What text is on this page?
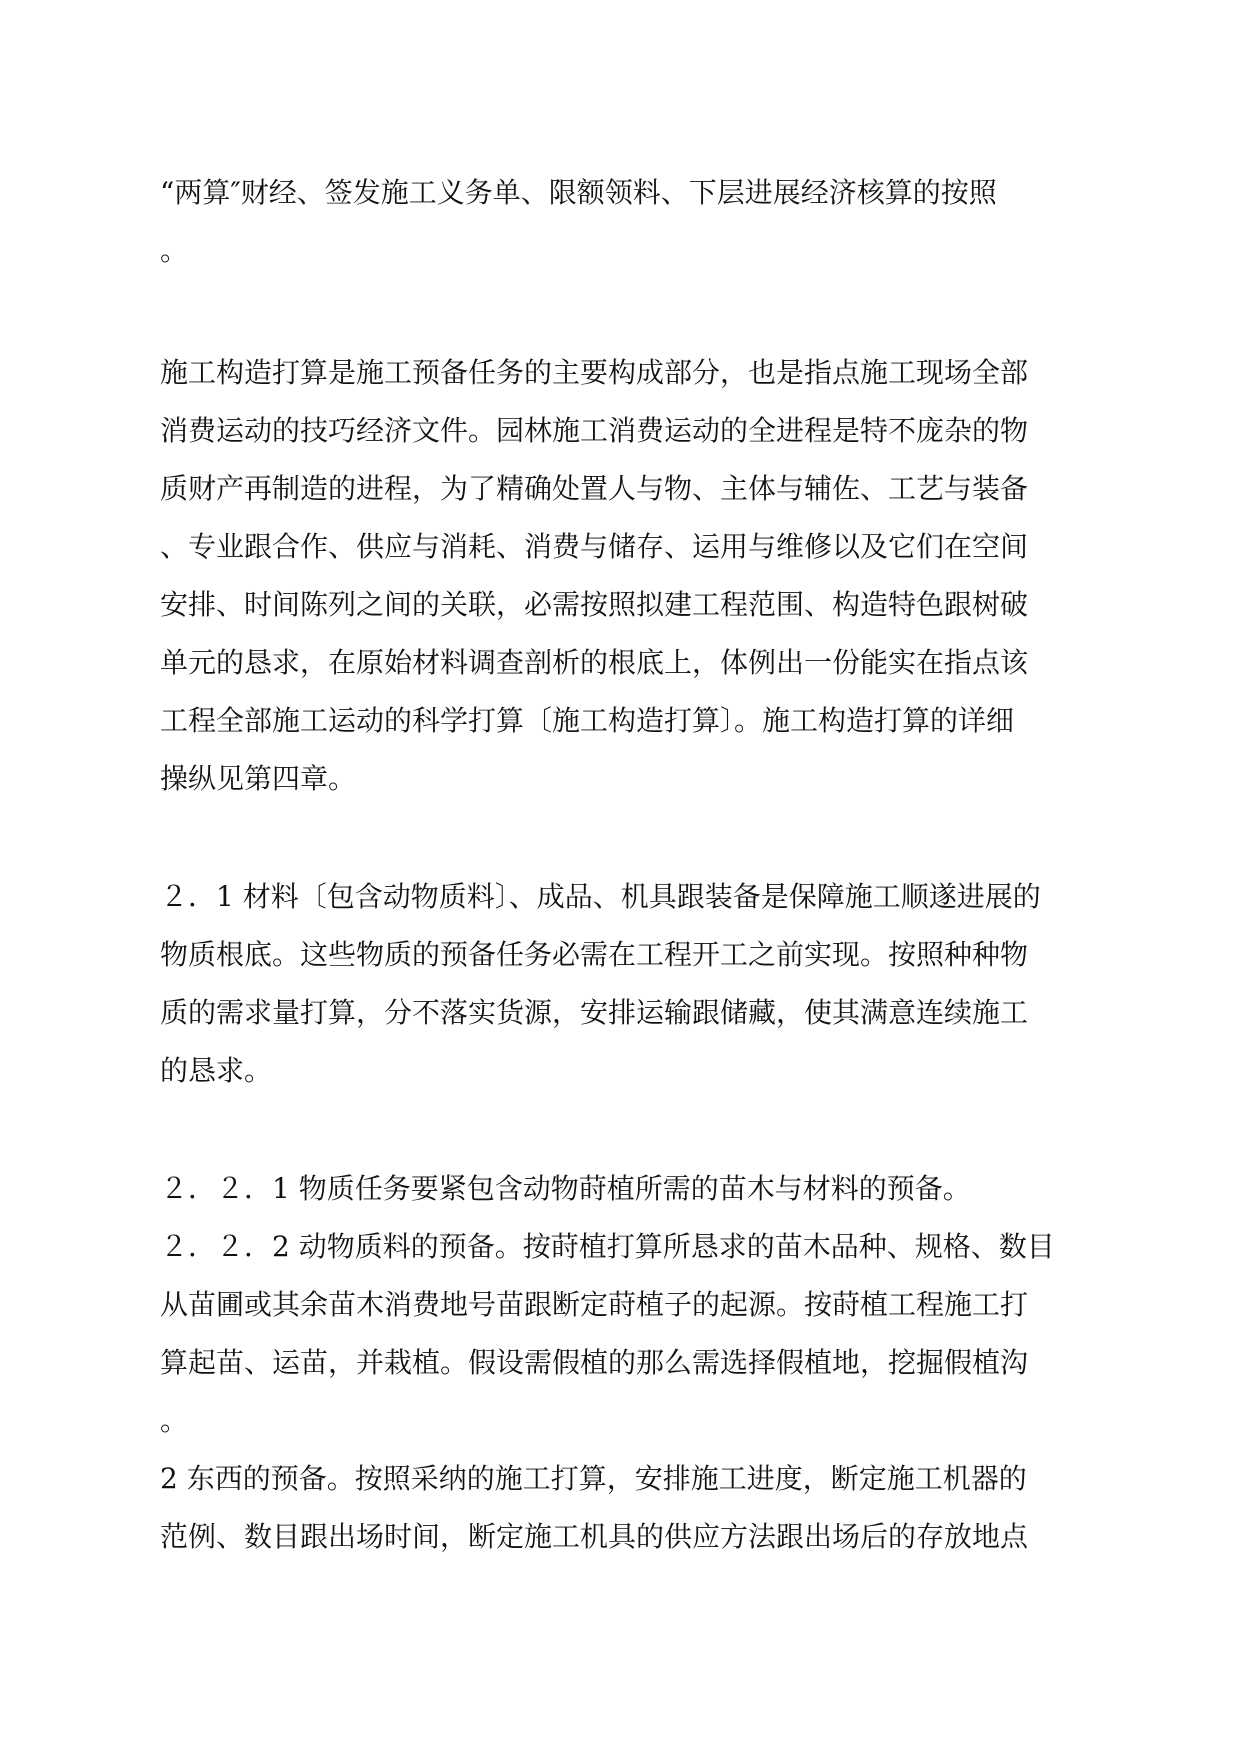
“两算″财经、签发施工义务单、限额领料、下层进展经济核算的按照
。
施工构造打算是施工预备任务的主要构成部分，也是指点施工现场全部
消费运动的技巧经济文件。园林施工消费运动的全进程是特不庞杂的物
质财产再制造的进程，为了精确处置人与物、主体与辅佐、工艺与装备
、专业跟合作、供应与消耗、消费与储存、运用与维修以及它们在空间
安排、时间陈列之间的关联，必需按照拟建工程范围、构造特色跟树破
单元的恳求，在原始材料调查剖析的根底上，体例出一份能实在指点该
工程全部施工运动的科学打算〔施工构造打算〕。施工构造打算的详细
操纵见第四章。
２．1 材料〔包含动物质料〕、成品、机具跟装备是保障施工顺遂进展的
物质根底。这些物质的预备任务必需在工程开工之前实现。按照种种物
质的需求量打算，分不落实货源，安排运输跟储藏，使其满意连续施工
的恳求。
２．２．1 物质任务要紧包含动物莳植所需的苗木与材料的预备。
２．２．2 动物质料的预备。按莳植打算所恳求的苗木品种、规格、数目
从苗圃或其余苗木消费地号苗跟断定莳植子的起源。按莳植工程施工打
算起苗、运苗，并栽植。假设需假植的那么需选择假植地，挖掘假植沟
。
2 东西的预备。按照采纳的施工打算，安排施工进度，断定施工机器的
范例、数目跟出场时间，断定施工机具的供应方法跟出场后的存放地点
